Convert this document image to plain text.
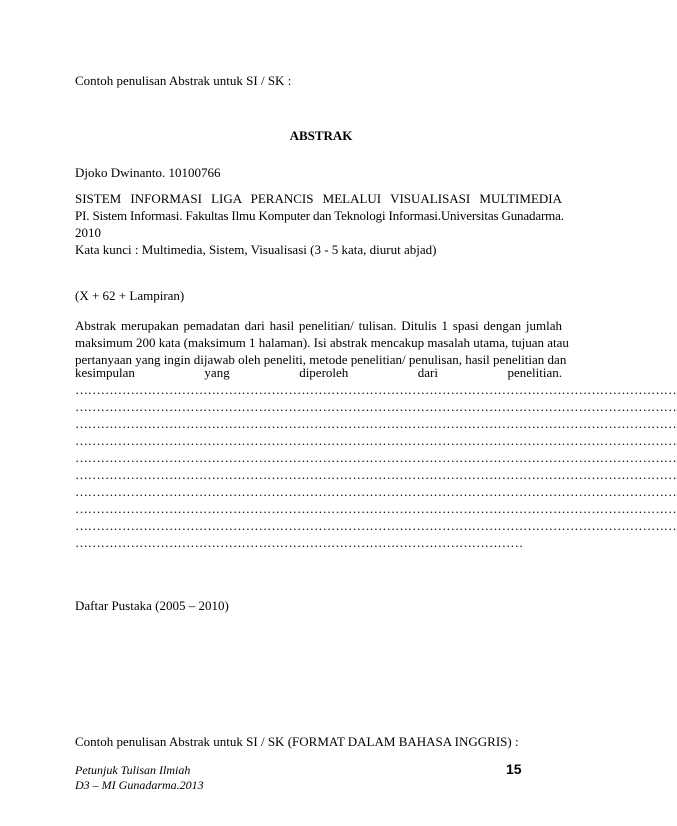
Contoh penulisan Abstrak untuk SI / SK :
ABSTRAK
Djoko Dwinanto. 10100766
SISTEM INFORMASI LIGA PERANCIS MELALUI VISUALISASI MULTIMEDIA
PI. Sistem Informasi. Fakultas Ilmu Komputer dan Teknologi Informasi.Universitas Gunadarma.
2010
Kata kunci : Multimedia, Sistem, Visualisasi (3 - 5 kata, diurut abjad)
(X + 62 + Lampiran)
Abstrak merupakan pemadatan dari hasil penelitian/ tulisan. Ditulis 1 spasi dengan jumlah
maksimum 200 kata (maksimum 1 halaman). Isi abstrak mencakup masalah utama, tujuan atau
pertanyaan yang ingin dijawab oleh peneliti, metode penelitian/ penulisan, hasil penelitian dan
kesimpulan yang diperoleh dari penelitian.
……………………………………………………………………………………………………………………………
……………………………………………………………………………………………………………………………
……………………………………………………………………………………………………………………………
……………………………………………………………………………………………………………………………
……………………………………………………………………………………………………………………………
……………………………………………………………………………………………………………………………
……………………………………………………………………………………………………………………………
……………………………………………………………………………………………………………………………
……………………………………………………………………………………………………………………………
……………………………………………………………………………………………
Daftar Pustaka (2005 – 2010)
Contoh penulisan Abstrak untuk SI / SK (FORMAT DALAM BAHASA INGGRIS) :
Petunjuk Tulisan Ilmiah
D3 – MI Gunadarma.2013
15
